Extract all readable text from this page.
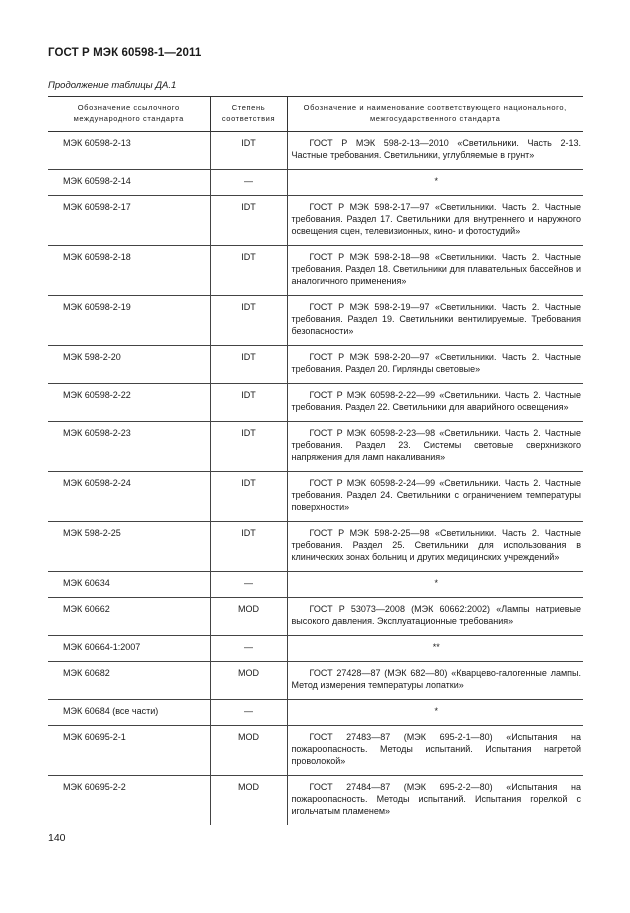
ГОСТ Р МЭК 60598-1—2011
Продолжение таблицы ДА.1
Обозначение ссылочного международного стандарта	Степень соответствия	Обозначение и наименование соответствующего национального, межгосударственного стандарта
МЭК 60598-2-13	IDT	ГОСТ Р МЭК 598-2-13—2010 «Светильники. Часть 2-13. Частные требования. Светильники, углубляемые в грунт»

МЭК 60598-2-14	—	*
МЭК 60598-2-17	IDT	ГОСТ Р МЭК 598-2-17—97 «Светильники. Часть 2. Частные требования. Раздел 17. Светильники для внутреннего и наружного освещения сцен, телевизионных, кино- и фотостудий»

МЭК 60598-2-18	IDT	ГОСТ Р МЭК 598-2-18—98 «Светильники. Часть 2. Частные требования. Раздел 18. Светильники для плавательных бассейнов и аналогичного применения»

МЭК 60598-2-19	IDT	ГОСТ Р МЭК 598-2-19—97 «Светильники. Часть 2. Частные требования. Раздел 19. Светильники вентилируемые. Требования безопасности»

МЭК 598-2-20	IDT	ГОСТ Р МЭК 598-2-20—97 «Светильники. Часть 2. Частные требования. Раздел 20. Гирлянды световые»

МЭК 60598-2-22	IDT	ГОСТ Р МЭК 60598-2-22—99 «Светильники. Часть 2. Частные требования. Раздел 22. Светильники для аварийного освещения»

МЭК 60598-2-23	IDT	ГОСТ Р МЭК 60598-2-23—98 «Светильники. Часть 2. Частные требования. Раздел 23. Системы световые сверхнизкого напряжения для ламп накаливания»

МЭК 60598-2-24	IDT	ГОСТ Р МЭК 60598-2-24—99 «Светильники. Часть 2. Частные требования. Раздел 24. Светильники с ограничением температуры поверхности»

МЭК 598-2-25	IDT	ГОСТ Р МЭК 598-2-25—98 «Светильники. Часть 2. Частные требования. Раздел 25. Светильники для использования в клинических зонах больниц и других медицинских учреждений»

МЭК 60634	—	*
МЭК 60662	MOD	ГОСТ Р 53073—2008 (МЭК 60662:2002) «Лампы натриевые высокого давления. Эксплуатационные требования»

МЭК 60664-1:2007	—	**
МЭК 60682	MOD	ГОСТ 27428—87 (МЭК 682—80) «Кварцево-галогенные лампы. Метод измерения температуры лопатки»

МЭК 60684 (все части)	—	*
МЭК 60695-2-1	MOD	ГОСТ 27483—87 (МЭК 695-2-1—80) «Испытания на пожароопасность. Методы испытаний. Испытания нагретой проволокой»

МЭК 60695-2-2	MOD	ГОСТ 27484—87 (МЭК 695-2-2—80) «Испытания на пожароопасность. Методы испытаний. Испытания горелкой с игольчатым пламенем»
140
